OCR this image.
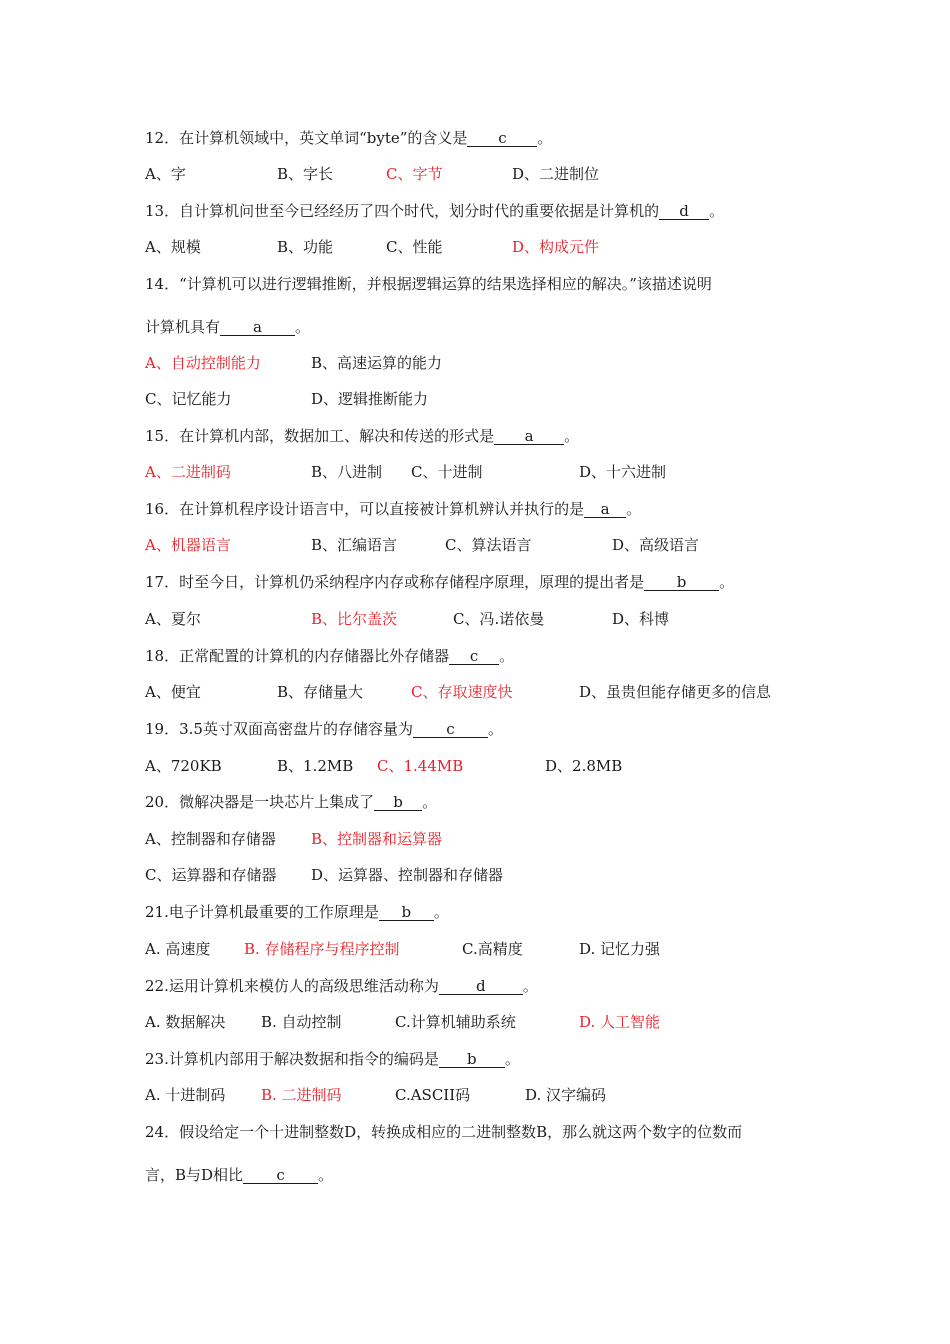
12．在计算机领域中，英文单词“byte”的含义是 c 。
A、字	B、字长	C、字节	D、二进制位
13．自计算机问世至今已经经历了四个时代，划分时代的重要依据是计算机的 d 。
A、规模	B、功能	C、性能	D、构成元件
14．“计算机可以进行逻辑推断，并根据逻辑运算的结果选择相应的解决。”该描述说明
计算机具有 a 。
A、自动控制能力	B、高速运算的能力
C、记忆能力	D、逻辑推断能力
15．在计算机内部，数据加工、解决和传送的形式是 a 。
A、二进制码	B、八进制 C、十进制	D、十六进制
16．在计算机程序设计语言中，可以直接被计算机辨认并执行的是 a 。
A、机器语言	B、汇编语言	C、算法语言	D、高级语言
17．时至今日，计算机仍采纳程序内存或称存储程序原理，原理的提出者是 b 。
A、夏尔	B、比尔盖茨	C、冯.诺依曼	D、科博
18．正常配置的计算机的内存储器比外存储器 c 。
A、便宜	B、存储量大	C、存取速度快	D、虽贵但能存储更多的信息
19．3.5英寸双面高密盘片的存储容量为 c 。
A、720KB	B、1.2MB C、1.44MB	D、2.8MB
20．微解决器是一块芯片上集成了 b 。
A、控制器和存储器 B、控制器和运算器
C、运算器和存储器 D、运算器、控制器和存储器
21.电子计算机最重要的工作原理是 b 。
A. 高速度 B. 存储程序与程序控制	C.高精度	D. 记忆力强
22.运用计算机来模仿人的高级思维活动称为 d 。
A. 数据解决 B. 自动控制	C.计算机辅助系统	D. 人工智能
23.计算机内部用于解决数据和指令的编码是 b 。
A. 十进制码 B. 二进制码	C.ASCII码	D. 汉字编码
24．假设给定一个十进制整数D，转换成相应的二进制整数B，那么就这两个数字的位数而
言，B与D相比 c 。
